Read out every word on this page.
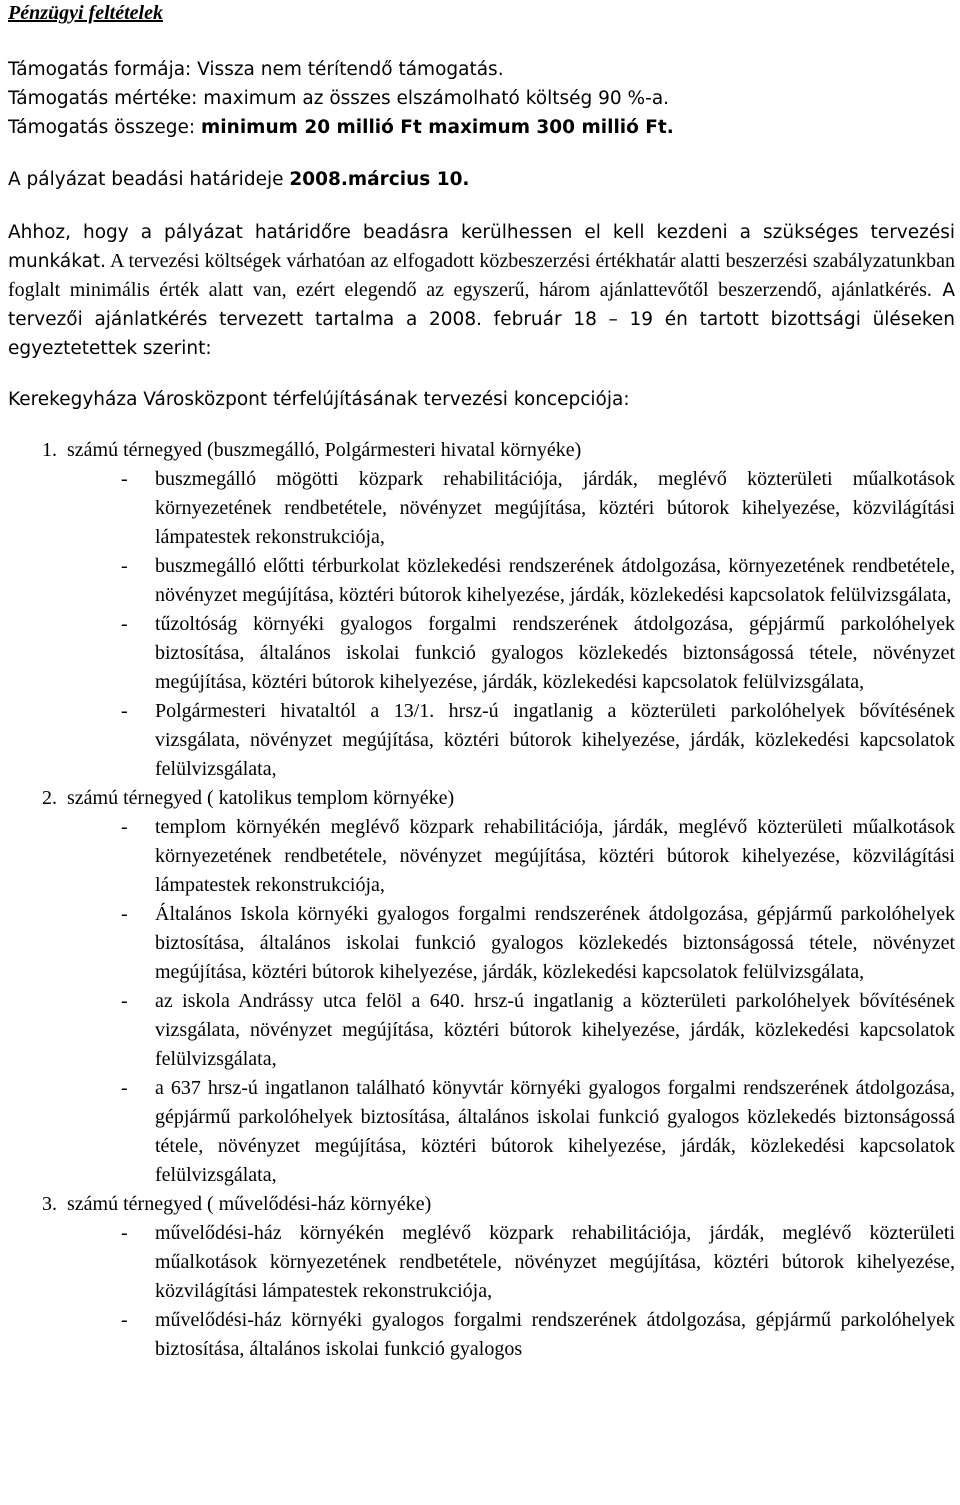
Pénzügyi feltételek

Támogatás formája: Vissza nem térítendő támogatás.

Támogatás mértéke: maximum az összes elszámolható költség 90 %-a.

Támogatás összege: minimum 20 millió Ft maximum 300 millió Ft.

A pályázat beadási határideje 2008.március 10.

Ahhoz, hogy a pályázat határidőre beadásra kerülhessen el kell kezdeni a szükséges tervezési munkákat. A tervezési költségek várhatóan az elfogadott közbeszerzési értékhatár alatti beszerzési szabályzatunkban foglalt minimális érték alatt van, ezért elegendő az egyszerű, három ajánlattevőtől beszerzendő, ajánlatkérés. A tervezői ajánlatkérés tervezett tartalma a 2008. február 18 – 19 én tartott bizottsági üléseken egyeztetettek szerint:

Kerekegyháza Városközpont térfelújításának tervezési koncepciója:

1. számú térnegyed (buszmegálló, Polgármesteri hivatal környéke)

- buszmegálló mögötti közpark rehabilitációja, járdák, meglévő közterületi műalkotások környezetének rendbetétele, növényzet megújítása, köztéri bútorok kihelyezése, közvilágítási lámpatestek rekonstrukciója,
- buszmegálló előtti térburkolat közlekedési rendszerének átdolgozása, környezetének rendbetétele, növényzet megújítása, köztéri bútorok kihelyezése, járdák, közlekedési kapcsolatok felülvizsgálata,
- tűzoltóság környéki gyalogos forgalmi rendszerének átdolgozása, gépjármű parkolóhelyek biztosítása, általános iskolai funkció gyalogos közlekedés biztonságossá tétele, növényzet megújítása, köztéri bútorok kihelyezése, járdák, közlekedési kapcsolatok felülvizsgálata,
- Polgármesteri hivataltól a 13/1. hrsz-ú ingatlanig a közterületi parkolóhelyek bővítésének vizsgálata, növényzet megújítása, köztéri bútorok kihelyezése, járdák, közlekedési kapcsolatok felülvizsgálata,

2. számú térnegyed ( katolikus templom környéke)

- templom környékén meglévő közpark rehabilitációja, járdák, meglévő közterületi műalkotások környezetének rendbetétele, növényzet megújítása, köztéri bútorok kihelyezése, közvilágítási lámpatestek rekonstrukciója,
- Általános Iskola környéki gyalogos forgalmi rendszerének átdolgozása, gépjármű parkolóhelyek biztosítása, általános iskolai funkció gyalogos közlekedés biztonságossá tétele, növényzet megújítása, köztéri bútorok kihelyezése, járdák, közlekedési kapcsolatok felülvizsgálata,
- az iskola Andrássy utca felöl a 640. hrsz-ú ingatlanig a közterületi parkolóhelyek bővítésének vizsgálata, növényzet megújítása, köztéri bútorok kihelyezése, járdák, közlekedési kapcsolatok felülvizsgálata,
- a 637 hrsz-ú ingatlanon található könyvtár környéki gyalogos forgalmi rendszerének átdolgozása, gépjármű parkolóhelyek biztosítása, általános iskolai funkció gyalogos közlekedés biztonságossá tétele, növényzet megújítása, köztéri bútorok kihelyezése, járdák, közlekedési kapcsolatok felülvizsgálata,

3. számú térnegyed ( művelődési-ház környéke)

- művelődési-ház környékén meglévő közpark rehabilitációja, járdák, meglévő közterületi műalkotások környezetének rendbetétele, növényzet megújítása, köztéri bútorok kihelyezése, közvilágítási lámpatestek rekonstrukciója,
- művelődési-ház környéki gyalogos forgalmi rendszerének átdolgozása, gépjármű parkolóhelyek biztosítása, általános iskolai funkció gyalogos
